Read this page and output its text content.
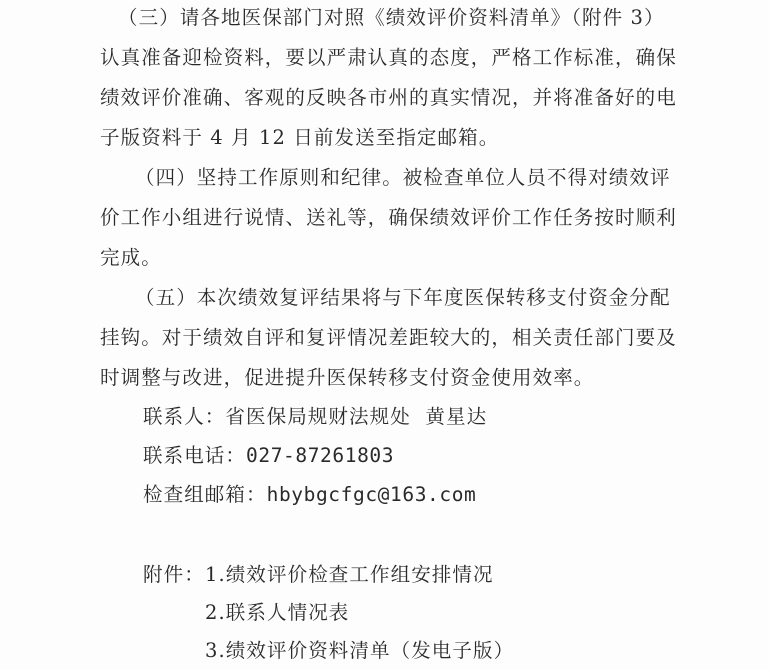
（三）请各地医保部门对照《绩效评价资料清单》（附件 3）
认真准备迎检资料，要以严肃认真的态度，严格工作标准，确保
绩效评价准确、客观的反映各市州的真实情况，并将准备好的电
子版资料于 4 月 12 日前发送至指定邮箱。
（四）坚持工作原则和纪律。被检查单位人员不得对绩效评
价工作小组进行说情、送礼等，确保绩效评价工作任务按时顺利
完成。
（五）本次绩效复评结果将与下年度医保转移支付资金分配
挂钩。对于绩效自评和复评情况差距较大的，相关责任部门要及
时调整与改进，促进提升医保转移支付资金使用效率。
联系人：省医保局规财法规处  黄星达
联系电话：027-87261803
检查组邮箱：hbybgcfgc@163.com
附件： 1.绩效评价检查工作组安排情况
2.联系人情况表
3.绩效评价资料清单（发电子版）
